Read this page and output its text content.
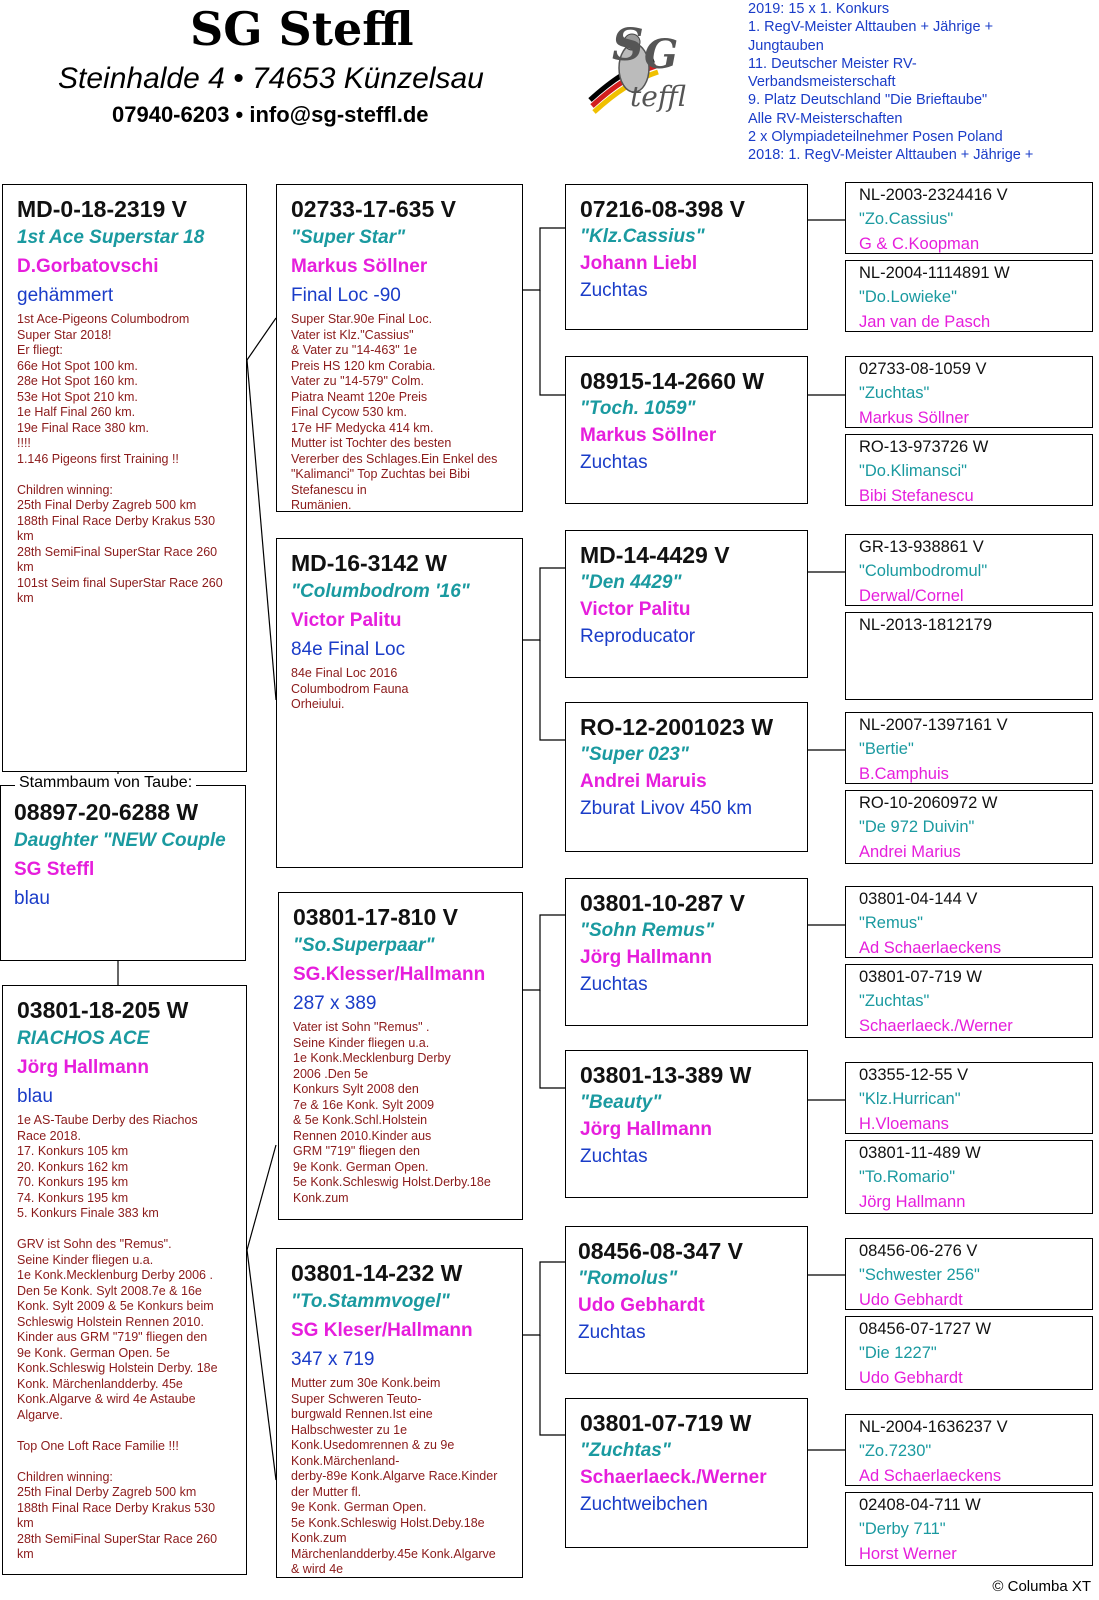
SG Steffl
Steinhalde 4 • 74653 Künzelsau
07940-6203 • info@sg-steffl.de
S G
teffl
2019: 15 x 1. Konkurs
1. RegV-Meister Alttauben + Jährige +
Jungtauben
11. Deutscher Meister RV-
Verbandsmeisterschaft
9. Platz Deutschland "Die Brieftaube"
Alle RV-Meisterschaften
2 x Olympiadeteilnehmer Posen Poland
2018: 1. RegV-Meister Alttauben + Jährige +
MD-0-18-2319 V
1st Ace Superstar 18
D.Gorbatovschi
gehämmert
1st Ace-Pigeons Columbodrom
Super Star 2018!
Er fliegt:
66e Hot Spot 100 km.
28e Hot Spot 160 km.
53e Hot Spot 210 km.
1e Half Final 260 km.
19e Final Race 380 km.
!!!!
1.146 Pigeons first Training !!

Children winning:
25th Final Derby Zagreb 500 km
188th Final Race Derby Krakus 530
km
28th SemiFinal SuperStar Race 260
km
101st Seim final SuperStar Race 260
km
Stammbaum von Taube:
08897-20-6288 W
Daughter "NEW Couple
SG Steffl
blau
03801-18-205 W
RIACHOS ACE
Jörg Hallmann
blau
1e AS-Taube Derby des Riachos
Race 2018.
17. Konkurs 105 km
20. Konkurs 162 km
70. Konkurs 195 km
74. Konkurs 195 km
5. Konkurs Finale 383 km

GRV ist Sohn des "Remus".
Seine Kinder fliegen u.a.
1e Konk.Mecklenburg Derby 2006 .
Den 5e Konk. Sylt 2008.7e & 16e
Konk. Sylt 2009 & 5e Konkurs beim
Schleswig Holstein Rennen 2010.
Kinder aus GRM "719" fliegen den
9e Konk. German Open. 5e
Konk.Schleswig Holstein Derby. 18e
Konk. Märchenlandderby. 45e
Konk.Algarve & wird 4e Astaube
Algarve.

Top One Loft Race Familie !!!

Children winning:
25th Final Derby Zagreb 500 km
188th Final Race Derby Krakus 530
km
28th SemiFinal SuperStar Race 260
km
02733-17-635 V
"Super Star"
Markus Söllner
Final Loc -90
Super Star.90e Final Loc.
Vater ist Klz."Cassius"
& Vater zu "14-463" 1e
Preis HS 120 km Corabia.
Vater zu "14-579" Colm.
Piatra Neamt 120e Preis
Final Cycow 530 km.
17e HF Medycka 414 km.
Mutter ist Tochter des besten
Vererber des Schlages.Ein Enkel des
"Kalimanci" Top Zuchtas bei Bibi
Stefanescu in
Rumänien.
MD-16-3142 W
"Columbodrom '16"
Victor Palitu
84e Final Loc
84e Final Loc 2016
Columbodrom Fauna
Orheiului.
03801-17-810 V
"So.Superpaar"
SG.Klesser/Hallmann
287 x 389
Vater ist Sohn "Remus" .
Seine Kinder fliegen u.a.
1e Konk.Mecklenburg Derby
2006 .Den 5e
Konkurs Sylt 2008 den
7e & 16e Konk. Sylt 2009
& 5e Konk.Schl.Holstein
Rennen 2010.Kinder aus
GRM "719" fliegen den
9e Konk. German Open.
5e Konk.Schleswig Holst.Derby.18e
Konk.zum
03801-14-232 W
"To.Stammvogel"
SG Kleser/Hallmann
347 x 719
Mutter zum 30e Konk.beim
Super Schweren Teuto-
burgwald Rennen.Ist eine
Halbschwester zu 1e
Konk.Usedomrennen & zu 9e
Konk.Märchenland-
derby-89e Konk.Algarve Race.Kinder
der Mutter fl.
9e Konk. German Open.
5e Konk.Schleswig Holst.Deby.18e
Konk.zum
Märchenlandderby.45e Konk.Algarve
& wird 4e
07216-08-398 V
"Klz.Cassius"
Johann Liebl
Zuchtas
08915-14-2660 W
"Toch. 1059"
Markus Söllner
Zuchtas
MD-14-4429 V
"Den 4429"
Victor Palitu
Reproducator
RO-12-2001023 W
"Super 023"
Andrei Maruis
Zburat Livov 450 km
03801-10-287 V
"Sohn Remus"
Jörg Hallmann
Zuchtas
03801-13-389 W
"Beauty"
Jörg Hallmann
Zuchtas
08456-08-347 V
"Romolus"
Udo Gebhardt
Zuchtas
03801-07-719 W
"Zuchtas"
Schaerlaeck./Werner
Zuchtweibchen
NL-2003-2324416 V
"Zo.Cassius"
G & C.Koopman
NL-2004-1114891 W
"Do.Lowieke"
Jan van de Pasch
02733-08-1059 V
"Zuchtas"
Markus Söllner
RO-13-973726 W
"Do.Klimansci"
Bibi Stefanescu
GR-13-938861 V
"Columbodromul"
Derwal/Cornel
NL-2013-1812179
NL-2007-1397161 V
"Bertie"
B.Camphuis
RO-10-2060972 W
"De 972 Duivin"
Andrei Marius
03801-04-144 V
"Remus"
Ad Schaerlaeckens
03801-07-719 W
"Zuchtas"
Schaerlaeck./Werner
03355-12-55 V
"Klz.Hurrican"
H.Vloemans
03801-11-489 W
"To.Romario"
Jörg Hallmann
08456-06-276 V
"Schwester 256"
Udo Gebhardt
08456-07-1727 W
"Die 1227"
Udo Gebhardt
NL-2004-1636237 V
"Zo.7230"
Ad Schaerlaeckens
02408-04-711 W
"Derby 711"
Horst Werner
© Columba XT
